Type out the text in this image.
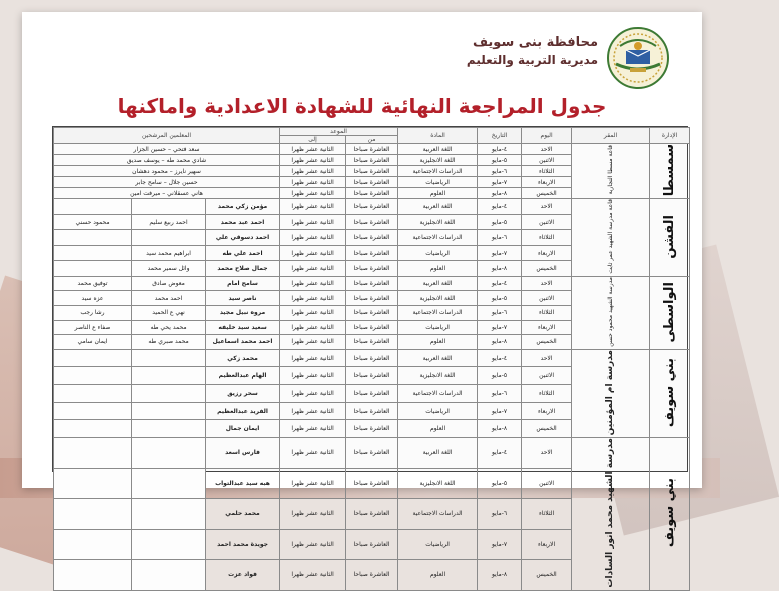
محافظة بنى سويف
مديرية التربية والتعليم
جدول المراجعة النهائية للشهادة الاعدادية واماكنها
الإدارة	المقر	اليوم	التاريخ	المادة	الموعد		المعلمين المرشحين		
					من	إلى			
سمسطا	قاعة مسطا التجارية	الاحد	٤-مايو	اللغة العربية	العاشرة صباحا	الثانية عشر ظهرا	سعد فتحي – حسين الجزار		
		الاثنين	٥-مايو	اللغة الانجليزية	العاشرة صباحا	الثانية عشر ظهرا	شادي محمد طه – يوسف صديق		
		الثلاثاء	٦-مايو	الدراسات الاجتماعية	العاشرة صباحا	الثانية عشر ظهرا	سهير نايرز – محمود دهشان		
		الاربعاء	٧-مايو	الرياضيات	العاشرة صباحا	الثانية عشر ظهرا	حسين جلال – سامح جابر		
		الخميس	٨-مايو	العلوم	العاشرة صباحا	الثانية عشر ظهرا	هاني عسقلاني – ميرفت امين		
الفشن	قاعة مدرسة الشهيد عمر ثابت	الاحد	٤-مايو	اللغة العربية	العاشرة صباحا	الثانية عشر ظهرا	مؤمن زكي محمد		
		الاثنين	٥-مايو	اللغة الانجليزية	العاشرة صباحا	الثانية عشر ظهرا	احمد عبد محمد	احمد ربيع سليم	محمود حسني
		الثلاثاء	٦-مايو	الدراسات الاجتماعية	العاشرة صباحا	الثانية عشر ظهرا	احمد دسوقي علي		
		الاربعاء	٧-مايو	الرياضيات	العاشرة صباحا	الثانية عشر ظهرا	احمد علي طه	ابراهيم محمد سيد	
		الخميس	٨-مايو	العلوم	العاشرة صباحا	الثانية عشر ظهرا	جمال صلاح محمد	وائل سمير محمد	
الواسطى	مدرسة الشهيد محمود حسن	الاحد	٤-مايو	اللغة العربية	العاشرة صباحا	الثانية عشر ظهرا	سامح امام	معوض صادق	توفيق محمد
		الاثنين	٥-مايو	اللغة الانجليزية	العاشرة صباحا	الثانية عشر ظهرا	ناصر سيد	احمد محمد	عزه سيد
		الثلاثاء	٦-مايو	الدراسات الاجتماعية	العاشرة صباحا	الثانية عشر ظهرا	مروه نبيل مجيد	نهي ع الحميد	رشا رجب
		الاربعاء	٧-مايو	الرياضيات	العاشرة صباحا	الثانية عشر ظهرا	سعيد سيد خليفه	محمد يحي طه	صفاء ع الناصر
		الخميس	٨-مايو	العلوم	العاشرة صباحا	الثانية عشر ظهرا	احمد محمد اسماعيل	محمد صبري طه	ايمان سامي
بني سويف	مدرسة ام المؤمنين	الاحد	٤-مايو	اللغة العربية	العاشرة صباحا	الثانية عشر ظهرا	محمد زكي		
		الاثنين	٥-مايو	اللغة الانجليزية	العاشرة صباحا	الثانية عشر ظهرا	الهام عبدالعظيم		
		الثلاثاء	٦-مايو	الدراسات الاجتماعية	العاشرة صباحا	الثانية عشر ظهرا	سحر رزيق		
		الاربعاء	٧-مايو	الرياضيات	العاشرة صباحا	الثانية عشر ظهرا	الفريد عبدالعظيم		
		الخميس	٨-مايو	العلوم	العاشرة صباحا	الثانية عشر ظهرا	ايمان جمال		
بني سويف	مدرسة الشهيد محمد انور السادات	الاحد	٤-مايو	اللغة العربية	العاشرة صباحا	الثانية عشر ظهرا	فارس اسعد		
		الاثنين	٥-مايو	اللغة الانجليزية	العاشرة صباحا	الثانية عشر ظهرا	هبه سيد عبدالتواب		
		الثلاثاء	٦-مايو	الدراسات الاجتماعية	العاشرة صباحا	الثانية عشر ظهرا	محمد حلمي		
		الاربعاء	٧-مايو	الرياضيات	العاشرة صباحا	الثانية عشر ظهرا	جويدة محمد احمد		
		الخميس	٨-مايو	العلوم	العاشرة صباحا	الثانية عشر ظهرا	فواد عزت		
